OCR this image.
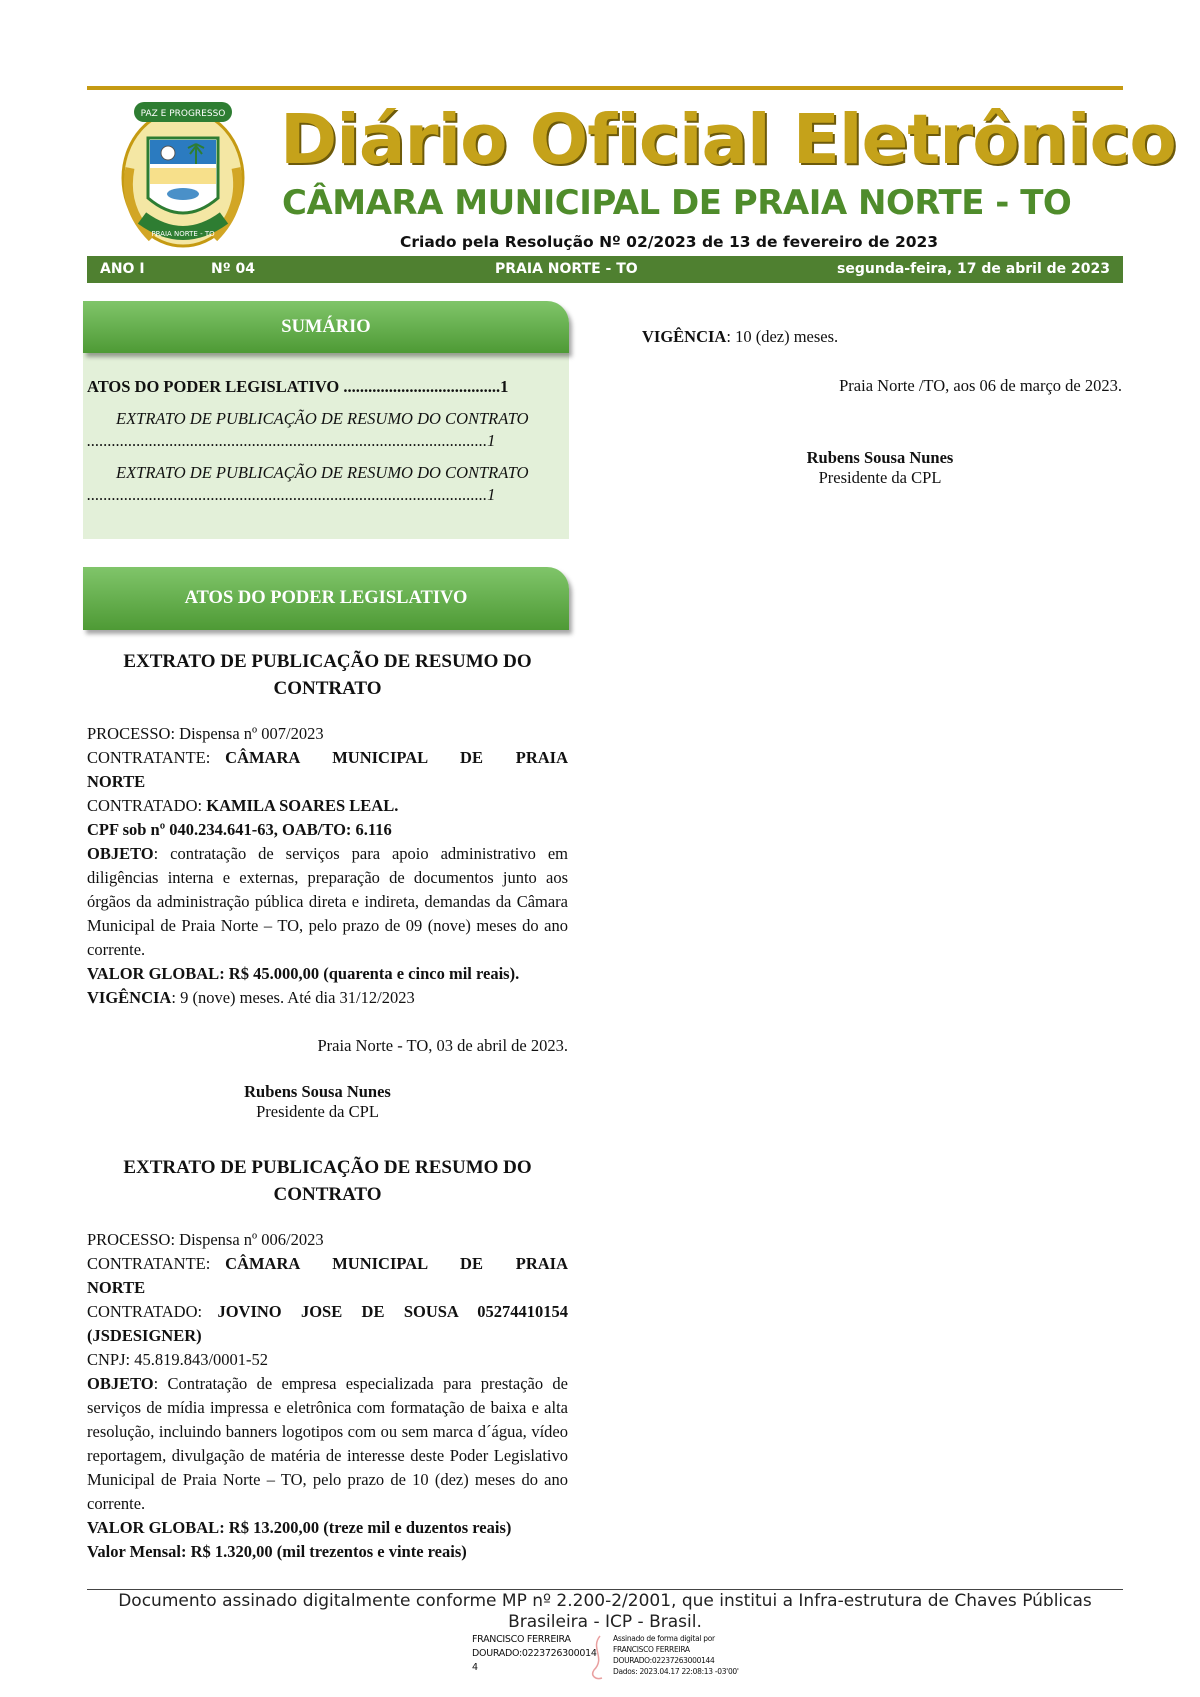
PAZ E PROGRESSO
PRAIA NORTE - TO
Diário Oficial Eletrônico
CÂMARA MUNICIPAL DE PRAIA NORTE - TO
Criado pela Resolução Nº 02/2023 de 13 de fevereiro de 2023
ANO I	Nº 04	PRAIA NORTE - TO	segunda-feira, 17 de abril de 2023
ATOS DO PODER LEGISLATIVO ......................................1
EXTRATO DE PUBLICAÇÃO DE RESUMO DO CONTRATO
.................................................................................................1
EXTRATO DE PUBLICAÇÃO DE RESUMO DO CONTRATO
.................................................................................................1
SUMÁRIO
ATOS DO PODER LEGISLATIVO
EXTRATO DE PUBLICAÇÃO DE RESUMO DO CONTRATO
PROCESSO: Dispensa nº 007/2023
CONTRATANTE: CÂMARA MUNICIPAL DE PRAIA NORTE
CONTRATADO: KAMILA SOARES LEAL.
CPF sob nº 040.234.641-63, OAB/TO: 6.116
OBJETO: contratação de serviços para apoio administrativo em diligências interna e externas, preparação de documentos junto aos órgãos da administração pública direta e indireta, demandas da Câmara Municipal de Praia Norte – TO, pelo prazo de 09 (nove) meses do ano corrente.
VALOR GLOBAL: R$ 45.000,00 (quarenta e cinco mil reais).
VIGÊNCIA: 9 (nove) meses. Até dia 31/12/2023
Praia Norte - TO, 03 de abril de 2023.
Rubens Sousa Nunes
Presidente da CPL
EXTRATO DE PUBLICAÇÃO DE RESUMO DO CONTRATO
PROCESSO: Dispensa nº 006/2023
CONTRATANTE: CÂMARA MUNICIPAL DE PRAIA NORTE
CONTRATADO: JOVINO JOSE DE SOUSA 05274410154 (JSDESIGNER)
CNPJ: 45.819.843/0001-52
OBJETO: Contratação de empresa especializada para prestação de serviços de mídia impressa e eletrônica com formatação de baixa e alta resolução, incluindo banners logotipos com ou sem marca d´água, vídeo reportagem, divulgação de matéria de interesse deste Poder Legislativo Municipal de Praia Norte – TO, pelo prazo de 10 (dez) meses do ano corrente.
VALOR GLOBAL: R$ 13.200,00 (treze mil e duzentos reais)
Valor Mensal: R$ 1.320,00 (mil trezentos e vinte reais)
VIGÊNCIA: 10 (dez) meses.
Praia Norte /TO, aos 06 de março de 2023.
Rubens Sousa Nunes
Presidente da CPL
Documento assinado digitalmente conforme MP nº 2.200-2/2001, que institui a Infra-estrutura de Chaves Públicas Brasileira - ICP - Brasil.
FRANCISCO FERREIRA
DOURADO:0223726300014
4
Assinado de forma digital por
FRANCISCO FERREIRA
DOURADO:02237263000144
Dados: 2023.04.17 22:08:13 -03'00'
